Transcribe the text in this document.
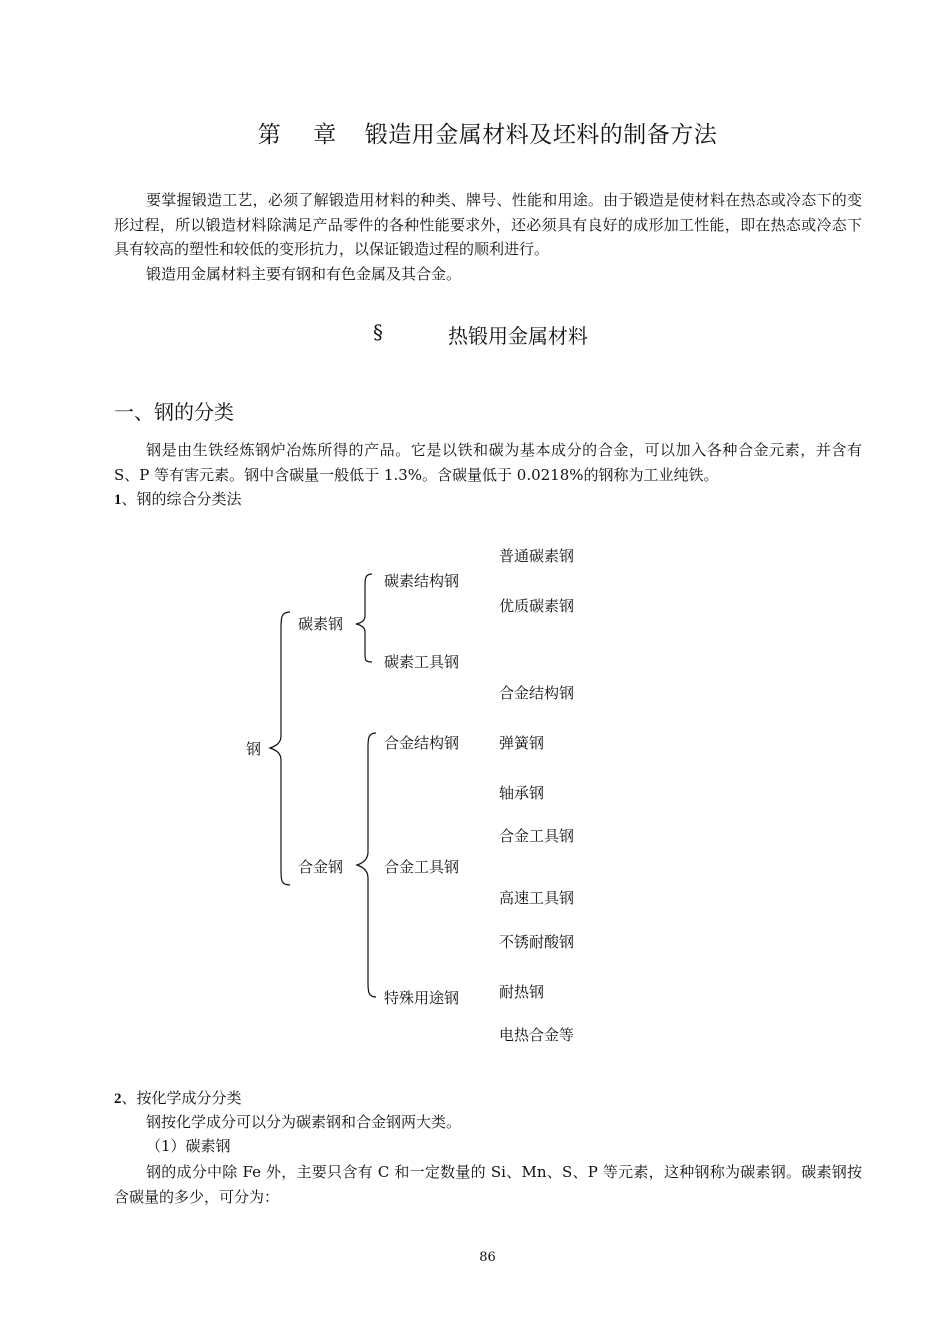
第 章 锻造用金属材料及坯料的制备方法

要掌握锻造工艺，必须了解锻造用材料的种类、牌号、性能和用途。由于锻造是使材料在热态或冷态下的变形过程，所以锻造材料除满足产品零件的各种性能要求外，还必须具有良好的成形加工性能，即在热态或冷态下具有较高的塑性和较低的变形抗力，以保证锻造过程的顺利进行。

锻造用金属材料主要有钢和有色金属及其合金。

§	热锻用金属材料
一、钢的分类

钢是由生铁经炼钢炉冶炼所得的产品。它是以铁和碳为基本成分的合金，可以加入各种合金元素，并含有 S、P 等有害元素。钢中含碳量一般低于 1.3%。含碳量低于 0.0218%的钢称为工业纯铁。

1、钢的综合分类法
钢
碳素钢
合金钢
碳素结构钢
碳素工具钢
合金结构钢
合金工具钢
特殊用途钢
普通碳素钢
优质碳素钢
合金结构钢
弹簧钢
轴承钢
合金工具钢
高速工具钢
不锈耐酸钢
耐热钢
电热合金等
2、按化学成分分类

钢按化学成分可以分为碳素钢和合金钢两大类。

（1）碳素钢

钢的成分中除 Fe 外，主要只含有 C 和一定数量的 Si、Mn、S、P 等元素，这种钢称为碳素钢。碳素钢按含碳量的多少，可分为：

86
